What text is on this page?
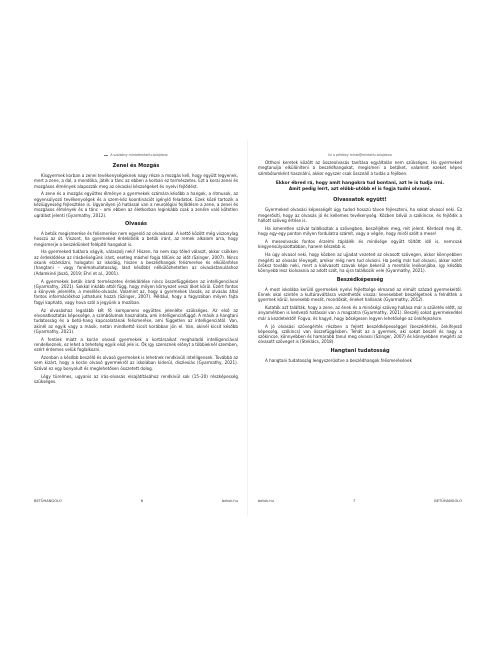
A szalábny mintafemtatfu-tolajdona
Zenei és Mozgás

Kisgyermek korban a zenei tevékenységeknek nagy része a mozgás kell, hogy együtt legyenek, mert a zene, a dal, a mondóka, játék a tánc az ebben a korban ez természetes. Ezt a korai zenei és mozgásos élmények alapozzák meg az olvasási készségeket és nyelvi fejlődést.

A zene és a mozgás együttes élménye a gyermekek számára később a hangok, a ritmusok, az egyensúlyozó tevékenységek és a szem-kéz koordinációt igénylő feladatok. Ezek közé tartozik a kéziügyesség fejlesztése is. Ugyanilyen jó hatással van a neurológiai fejlődésre a zene, a zenei és mozgásos élmények és a tánc – ami ebben az életkorban leginkább csak a zenére való kötetlen ugrálást jelenti (Gyarmathy, 2012).

Olvasás

A betűk megismerése és felismerése nem egyenlő az olvasással. A kettő között még viszonylag hosszú az út. Viszont, ha gyermeked érdeklődik a betűk iránt, az remek alkalom arra, hogy megismerje a beszédünket felépítő hangokat is.

Ha gyermeked tudásra vágyik, válaszolj neki! Hiszen, ha nem kap tőled választ, akkor csökken az érdeklődése az írásbeliségünk iránt, esetleg máshol fogja tőlünk az időt (Szinger, 2007). Nincs okunk elzárkózni, halogatni az iskoláig, hiszen a beszédhangok felismerése és elkülönítése (hangtani – vagy fonémahudatosság, lásd később) nélkülözhetetlen az olvasástanuláshoz (Adamkiné Jászó, 2019; Ehri et al., 2001).

A gyermekek betűk iránti természetes érdeklődése nincs összefüggésben az intelligenciával (Gyarmathy, 2021). Sokkal inkább attól függ, hogy milyen környezet veszi őket körül. Ezért fontos a könyvek jelenléte, a mesélés-olvasás. Valamint az, hogy a gyermekek lássák, az olvasás által fontos információkhoz juthatunk hozzá (Szinger, 2007). Például, hogy a fagyizóban milyen fajta fagyi kapható, vagy hova szól a jegyünk a moziban.

Az olvasáshoz legalább két fő komponens együttes jelenléte szükséges. Az első az elvonatkoztatás képessége, a szimbólumok használata, ami intelligenciafüggő. A másik a hangtani tudatosság és a betű-hang kapcsolatának felismerése, ami független az intelligenciától. Van, akinél az egyik vagy a másik, netán mindkettő kicsit korábban jön el. Van, akinél kicsit később (Gyarmathy, 2021).

A fentiek miatt a korán olvasó gyermekek a kortársaikat meghaladó intelligenciával rendelkeznek, ez lehet a tehetség egyik első jele is. Ők így szereznek előnyt a többieknél szemben, ezért érdemes velük foglalkozni.

Azonban a később beszélő és olvasó gyermekek is lehetnek rendkívüli intelligensek. Továbbá az sem kizárt, hogy a korán olvasó gyermekről az iskolában kiderül, diszlexiás (Gyarmathy, 2021). Szóval ez egy bonyolult és meglehetősen összetett dolog.

Légy türelmes, ugyanis az írás-olvasás elsajátításához rendkívül sok (15–20) részképesség szükséges.

BETŰHANGOLÓ	6	betuk.hu
Ez a példány minta@mintatfu-tolajdona

Otthoni keretek között az összeolvasás tanítása egyáltalán nem szükséges. Ha gyermeked megtanulja elkülöníteni a beszédhangokat, megismeri a betűket, valamint ezeket képes szimbólumként használni, akkor egyszer csak összeáll a tudás a fejében.

Ekkor ébred rá, hogy amit hangokra tud bontani, azt le is tudja írni.
Amit pedig leírt, azt előbb-utóbb el is fogja tudni olvasni.
Olvassatok együtt!

Gyermeked olvasási képességét úgy tudod hosszú távon fejleszteni, ha sokat olvasol neki. Ez megerősíti, hogy az olvasás jó és kellemes tevékenység. Közben bővül a szókincse, és fejlődik a hallott szöveg értése is.

Ha ismeretlen szóval találkoztok a szövegben, beszéljétek meg, mit jelent. Kérdezd meg őt, hogy egy-egy ponton milyen fordulatra számít, vagy a végén, hogy miről szólt a mese!

A meseolvasás fontos érzelmi táplálék és minősége együtt töltött idő is, nemcsak kiegyensúlyozottabban, hanem készebb is.

Ha úgy olvasol neki, hogy közben az ujjadat vezeted az olvasott szövegen, akkor könnyebben megérti az olvasás lényegét, amikor még nem tud olvasni. Ha pedig már tud olvasni, akkor ezért öröksz tovább neki, mert a kiolvasott szavak képe bekerül a mentális lexikonjába, így később könnyebb lesz kiolvasnia az adott szót, ha újra találkozik vele (Gyarmathy, 2021).

Beszédképesség

A most iskolába kerülő gyermekek nyelvi fejlettsége elmarad az elmúlt század gyermekeitől. Ennek okai szintén a kultúraváltásra vezethetők vissza: kevesebbet beszélgetnek a felnőttek a gyermek körül, kevesebb mesét, mondókát, éneket hallanak (Gyarmathy, 2012).

Kutatók azt találták, hogy a zene, az ének és a minőségi szöveg hallása már a születés előtt, az anyaméhben is kedvező hatással van a magzatra (Gyarmathy, 2021). Beszélj sokat gyermekeddel már a kezdetektől! Fogva, és hagyd, hogy bőségesen legyen lehetősége az önkifejezésre.

A jó olvasási szövegértés részben a fejlett beszédképességgel (beszédértés, önkifejező képesség, szókincs) van összefüggésben. Tehát az a gyermek, aki sokat beszél és nagy a szókincse, könnyebben és hamarabb tanul meg olvasni (Szinger, 2007) és könnyebben megérti az olvasott szöveget is (Steklács, 2018).

Hangtani tudatosság

A hangtani tudatosság leegyszerűsítve a beszédhangok felismerésének

betuk.hu	7	BETŰHANGOLÓ
